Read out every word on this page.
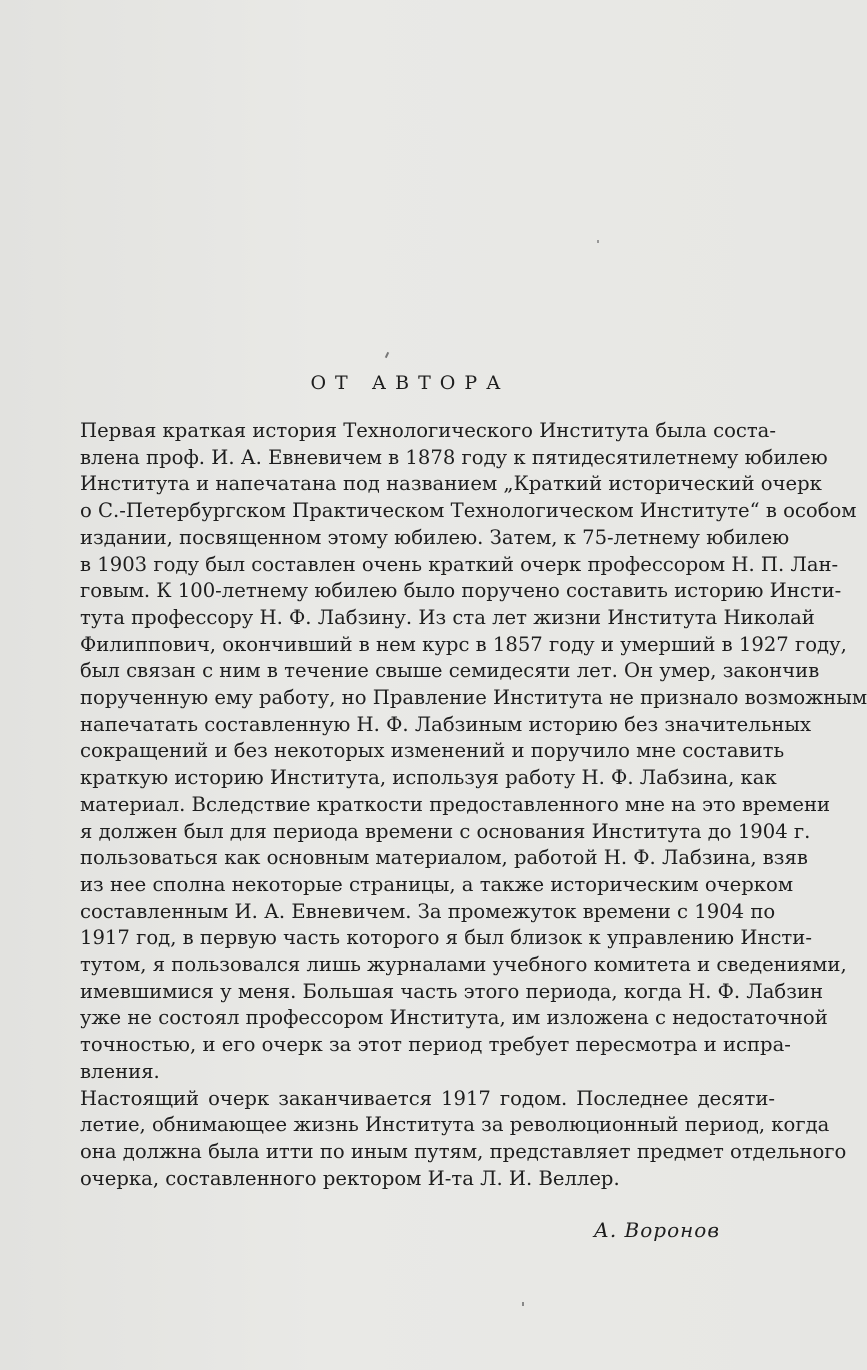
ОТ АВТОРА

Первая краткая история Технологического Института была соста-
влена проф. И. А. Евневичем в 1878 году к пятидесятилетнему юбилею
Института и напечатана под названием „Краткий исторический очерк
о С.-Петербургском Практическом Технологическом Институте“ в особом
издании, посвященном этому юбилею. Затем, к 75-летнему юбилею
в 1903 году был составлен очень краткий очерк профессором Н. П. Лан-
говым. К 100-летнему юбилею было поручено составить историю Инсти-
тута профессору Н. Ф. Лабзину. Из ста лет жизни Института Николай
Филиппович, окончивший в нем курс в 1857 году и умерший в 1927 году,
был связан с ним в течение свыше семидесяти лет. Он умер, закончив
порученную ему работу, но Правление Института не признало возможным
напечатать составленную Н. Ф. Лабзиным историю без значительных
сокращений и без некоторых изменений и поручило мне составить
краткую историю Института, используя работу Н. Ф. Лабзина, как
материал. Вследствие краткости предоставленного мне на это времени
я должен был для периода времени с основания Института до 1904 г.
пользоваться как основным материалом, работой Н. Ф. Лабзина, взяв
из нее сполна некоторые страницы, а также историческим очерком
составленным И. А. Евневичем. За промежуток времени с 1904 по
1917 год, в первую часть которого я был близок к управлению Инсти-
тутом, я пользовался лишь журналами учебного комитета и сведениями,
имевшимися у меня. Большая часть этого периода, когда Н. Ф. Лабзин
уже не состоял профессором Института, им изложена с недостаточной
точностью, и его очерк за этот период требует пересмотра и испра-
вления.

Настоящий очерк заканчивается 1917 годом. Последнее десяти-
летие, обнимающее жизнь Института за революционный период, когда
она должна была итти по иным путям, представляет предмет отдельного
очерка, составленного ректором И-та Л. И. Веллер.

А. Воронов
